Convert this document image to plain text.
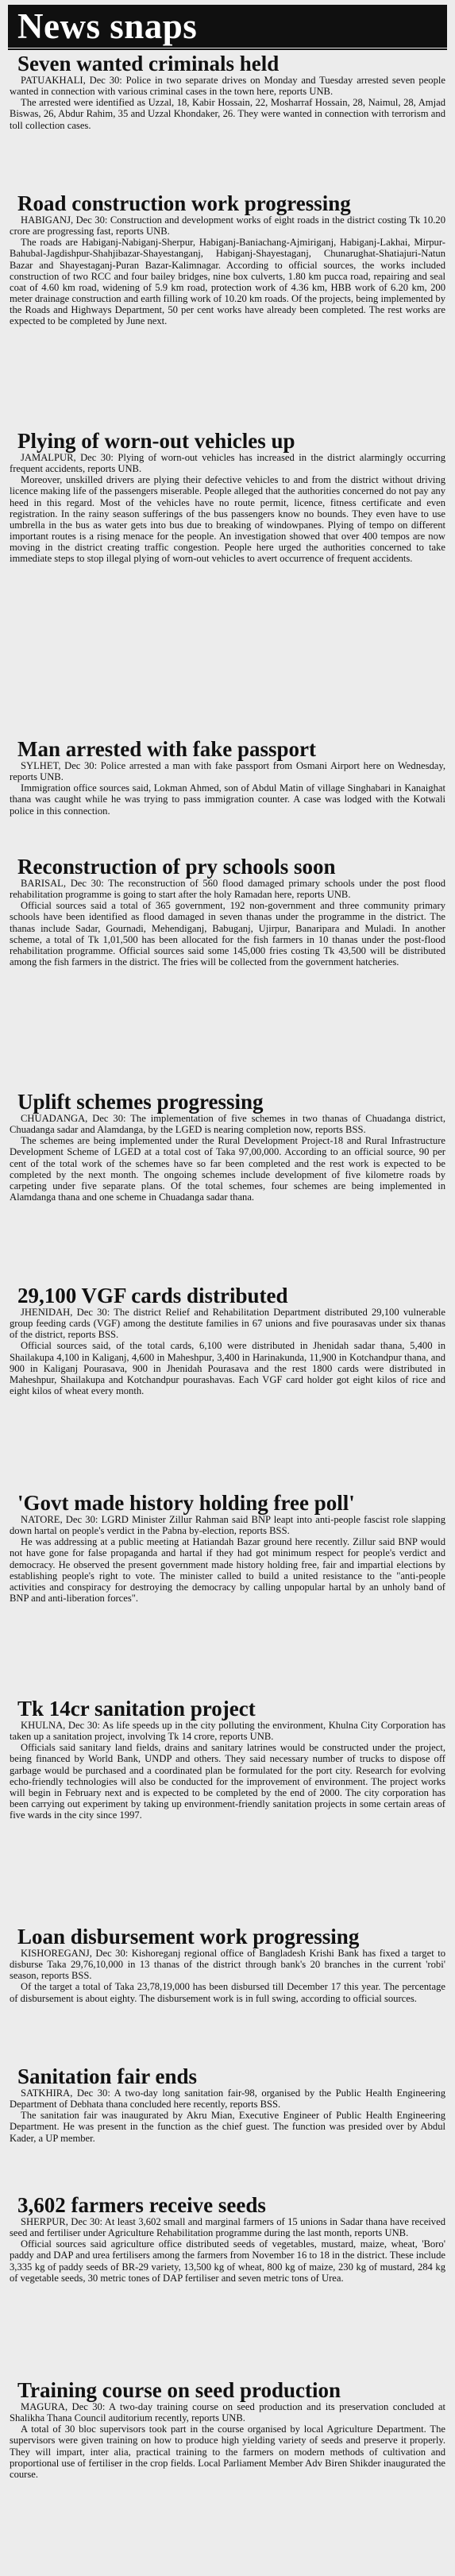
News snaps
Seven wanted criminals held

PATUAKHALI, Dec 30: Police in two separate drives on Monday and Tuesday arrested seven people wanted in connection with various criminal cases in the town here, reports UNB.

The arrested were identified as Uzzal, 18, Kabir Hossain, 22, Mosharraf Hossain, 28, Naimul, 28, Amjad Biswas, 26, Abdur Rahim, 35 and Uzzal Khondaker, 26. They were wanted in connection with terrorism and toll collection cases.

Road construction work progressing

HABIGANJ, Dec 30: Construction and development works of eight roads in the district costing Tk 10.20 crore are progressing fast, reports UNB.

The roads are Habiganj-Nabiganj-Sherpur, Habiganj-Baniachang-Ajmiriganj, Habiganj-Lakhai, Mirpur-Bahubal-Jagdishpur-Shahjibazar-Shayestanganj, Habiganj-Shayestaganj, Chunarughat-Shatiajuri-Natun Bazar and Shayestaganj-Puran Bazar-Kalimnagar. According to official sources, the works included construction of two RCC and four bailey bridges, nine box culverts, 1.80 km pucca road, repairing and seal coat of 4.60 km road, widening of 5.9 km road, protection work of 4.36 km, HBB work of 6.20 km, 200 meter drainage construction and earth filling work of 10.20 km roads. Of the projects, being implemented by the Roads and Highways Department, 50 per cent works have already been completed. The rest works are expected to be completed by June next.

Plying of worn-out vehicles up

JAMALPUR, Dec 30: Plying of worn-out vehicles has increased in the district alarmingly occurring frequent accidents, reports UNB.

Moreover, unskilled drivers are plying their defective vehicles to and from the district without driving licence making life of the passengers miserable. People alleged that the authorities concerned do not pay any heed in this regard. Most of the vehicles have no route permit, licence, fitness certificate and even registration. In the rainy season sufferings of the bus passengers know no bounds. They even have to use umbrella in the bus as water gets into bus due to breaking of windowpanes. Plying of tempo on different important routes is a rising menace for the people. An investigation showed that over 400 tempos are now moving in the district creating traffic congestion. People here urged the authorities concerned to take immediate steps to stop illegal plying of worn-out vehicles to avert occurrence of frequent accidents.

Man arrested with fake passport

SYLHET, Dec 30: Police arrested a man with fake passport from Osmani Airport here on Wednesday, reports UNB.

Immigration office sources said, Lokman Ahmed, son of Abdul Matin of village Singhabari in Kanaighat thana was caught while he was trying to pass immigration counter. A case was lodged with the Kotwali police in this connection.

Reconstruction of pry schools soon

BARISAL, Dec 30: The reconstruction of 560 flood damaged primary schools under the post flood rehabilitation programme is going to start after the holy Ramadan here, reports UNB.

Official sources said a total of 365 government, 192 non-government and three community primary schools have been identified as flood damaged in seven thanas under the programme in the district. The thanas include Sadar, Gournadi, Mehendiganj, Babuganj, Ujirpur, Banaripara and Muladi. In another scheme, a total of Tk 1,01,500 has been allocated for the fish farmers in 10 thanas under the post-flood rehabilitation programme. Official sources said some 145,000 fries costing Tk 43,500 will be distributed among the fish farmers in the district. The fries will be collected from the government hatcheries.

Uplift schemes progressing

CHUADANGA, Dec 30: The implementation of five schemes in two thanas of Chuadanga district, Chuadanga sadar and Alamdanga, by the LGED is nearing completion now, reports BSS.

The schemes are being implemented under the Rural Development Project-18 and Rural Infrastructure Development Scheme of LGED at a total cost of Taka 97,00,000. According to an official source, 90 per cent of the total work of the schemes have so far been completed and the rest work is expected to be completed by the next month. The ongoing schemes include development of five kilometre roads by carpeting under five separate plans. Of the total schemes, four schemes are being implemented in Alamdanga thana and one scheme in Chuadanga sadar thana.

29,100 VGF cards distributed

JHENIDAH, Dec 30: The district Relief and Rehabilitation Department distributed 29,100 vulnerable group feeding cards (VGF) among the destitute families in 67 unions and five pourasavas under six thanas of the district, reports BSS.

Official sources said, of the total cards, 6,100 were distributed in Jhenidah sadar thana, 5,400 in Shailakupa 4,100 in Kaliganj, 4,600 in Maheshpur, 3,400 in Harinakunda, 11,900 in Kotchandpur thana, and 900 in Kaliganj Pourasava, 900 in Jhenidah Pourasava and the rest 1800 cards were distributed in Maheshpur, Shailakupa and Kotchandpur pourashavas. Each VGF card holder got eight kilos of rice and eight kilos of wheat every month.

'Govt made history holding free poll'

NATORE, Dec 30: LGRD Minister Zillur Rahman said BNP leapt into anti-people fascist role slapping down hartal on people's verdict in the Pabna by-election, reports BSS.

He was addressing at a public meeting at Hatiandah Bazar ground here recently. Zillur said BNP would not have gone for false propaganda and hartal if they had got minimum respect for people's verdict and democracy. He observed the present government made history holding free, fair and impartial elections by establishing people's right to vote. The minister called to build a united resistance to the "anti-people activities and conspiracy for destroying the democracy by calling unpopular hartal by an unholy band of BNP and anti-liberation forces".

Tk 14cr sanitation project

KHULNA, Dec 30: As life speeds up in the city polluting the environment, Khulna City Corporation has taken up a sanitation project, involving Tk 14 crore, reports UNB.

Officials said sanitary land fields, drains and sanitary latrines would be constructed under the project, being financed by World Bank, UNDP and others. They said necessary number of trucks to dispose off garbage would be purchased and a coordinated plan be formulated for the port city. Research for evolving echo-friendly technologies will also be conducted for the improvement of environment. The project works will begin in February next and is expected to be completed by the end of 2000. The city corporation has been carrying out experiment by taking up environment-friendly sanitation projects in some certain areas of five wards in the city since 1997.

Loan disbursement work progressing

KISHOREGANJ, Dec 30: Kishoreganj regional office of Bangladesh Krishi Bank has fixed a target to disburse Taka 29,76,10,000 in 13 thanas of the district through bank's 20 branches in the current 'robi' season, reports BSS.

Of the target a total of Taka 23,78,19,000 has been disbursed till December 17 this year. The percentage of disbursement is about eighty. The disbursement work is in full swing, according to official sources.

Sanitation fair ends

SATKHIRA, Dec 30: A two-day long sanitation fair-98, organised by the Public Health Engineering Department of Debhata thana concluded here recently, reports BSS.

The sanitation fair was inaugurated by Akru Mian, Executive Engineer of Public Health Engineering Department. He was present in the function as the chief guest. The function was presided over by Abdul Kader, a UP member.

3,602 farmers receive seeds

SHERPUR, Dec 30: At least 3,602 small and marginal farmers of 15 unions in Sadar thana have received seed and fertiliser under Agriculture Rehabilitation programme during the last month, reports UNB.

Official sources said agriculture office distributed seeds of vegetables, mustard, maize, wheat, 'Boro' paddy and DAP and urea fertilisers among the farmers from November 16 to 18 in the district. These include 3,335 kg of paddy seeds of BR-29 variety, 13,500 kg of wheat, 800 kg of maize, 230 kg of mustard, 284 kg of vegetable seeds, 30 metric tones of DAP fertiliser and seven metric tons of Urea.

Training course on seed production

MAGURA, Dec 30: A two-day training course on seed production and its preservation concluded at Shalikha Thana Council auditorium recently, reports UNB.

A total of 30 bloc supervisors took part in the course organised by local Agriculture Department. The supervisors were given training on how to produce high yielding variety of seeds and preserve it properly. They will impart, inter alia, practical training to the farmers on modern methods of cultivation and proportional use of fertiliser in the crop fields. Local Parliament Member Adv Biren Shikder inaugurated the course.
